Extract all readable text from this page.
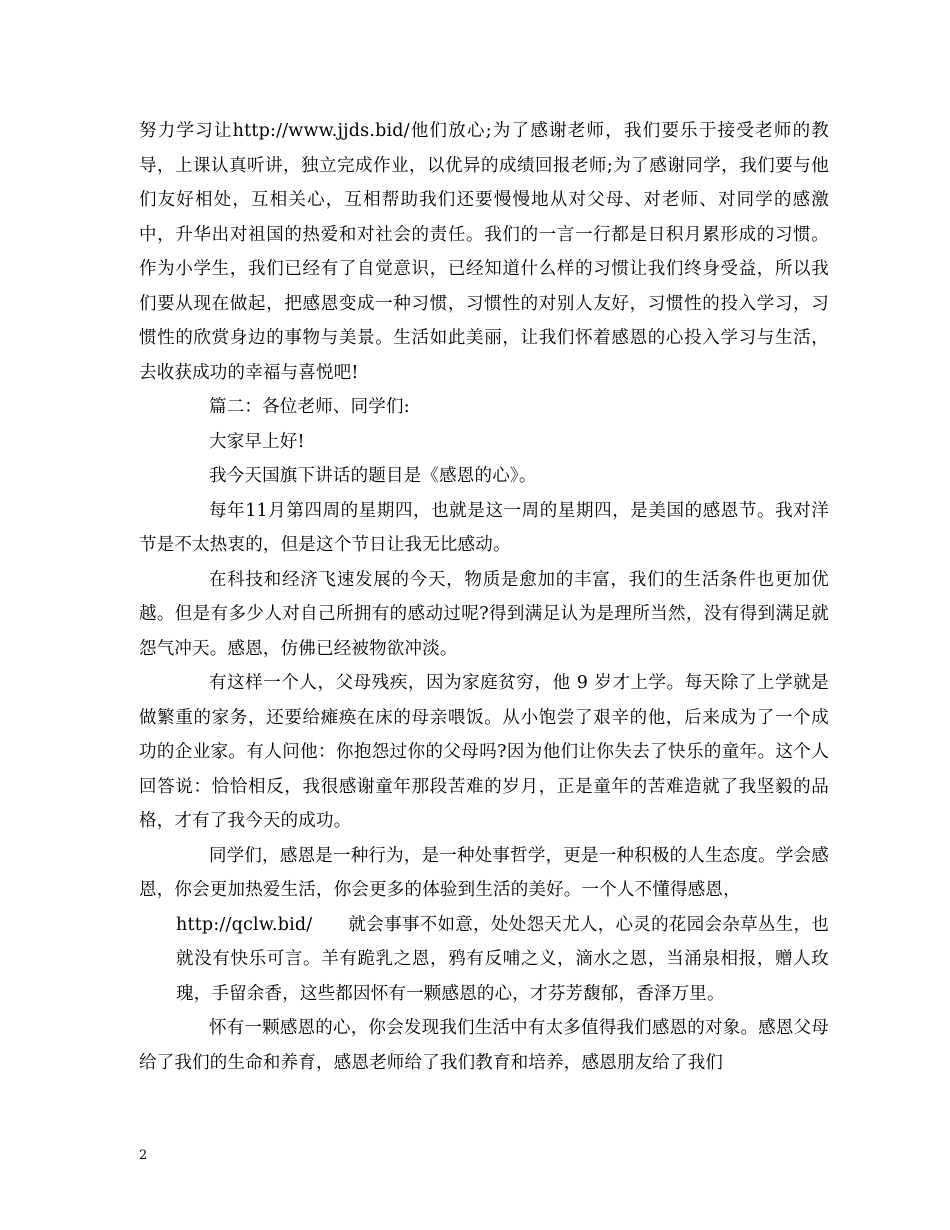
努力学习让http://www.jjds.bid/他们放心;为了感谢老师，我们要乐于接受老师的教导，上课认真听讲，独立完成作业，以优异的成绩回报老师;为了感谢同学，我们要与他们友好相处，互相关心，互相帮助我们还要慢慢地从对父母、对老师、对同学的感激中，升华出对祖国的热爱和对社会的责任。我们的一言一行都是日积月累形成的习惯。作为小学生，我们已经有了自觉意识，已经知道什么样的习惯让我们终身受益，所以我们要从现在做起，把感恩变成一种习惯，习惯性的对别人友好，习惯性的投入学习，习惯性的欣赏身边的事物与美景。生活如此美丽，让我们怀着感恩的心投入学习与生活，去收获成功的幸福与喜悦吧!

篇二：各位老师、同学们:

大家早上好!

我今天国旗下讲话的题目是《感恩的心》。

每年11月第四周的星期四，也就是这一周的星期四，是美国的感恩节。我对洋节是不太热衷的，但是这个节日让我无比感动。

在科技和经济飞速发展的今天，物质是愈加的丰富，我们的生活条件也更加优越。但是有多少人对自己所拥有的感动过呢?得到满足认为是理所当然，没有得到满足就怨气冲天。感恩，仿佛已经被物欲冲淡。

有这样一个人，父母残疾，因为家庭贫穷，他 9 岁才上学。每天除了上学就是做繁重的家务，还要给瘫痪在床的母亲喂饭。从小饱尝了艰辛的他，后来成为了一个成功的企业家。有人问他：你抱怨过你的父母吗?因为他们让你失去了快乐的童年。这个人回答说：恰恰相反，我很感谢童年那段苦难的岁月，正是童年的苦难造就了我坚毅的品格，才有了我今天的成功。

同学们，感恩是一种行为，是一种处事哲学，更是一种积极的人生态度。学会感恩，你会更加热爱生活，你会更多的体验到生活的美好。一个人不懂得感恩，

http://qclw.bid/ 就会事事不如意，处处怨天尤人，心灵的花园会杂草丛生，也就没有快乐可言。羊有跪乳之恩，鸦有反哺之义，滴水之恩，当涌泉相报，赠人玫瑰，手留余香，这些都因怀有一颗感恩的心，才芬芳馥郁，香泽万里。

怀有一颗感恩的心，你会发现我们生活中有太多值得我们感恩的对象。感恩父母给了我们的生命和养育，感恩老师给了我们教育和培养，感恩朋友给了我们

2
